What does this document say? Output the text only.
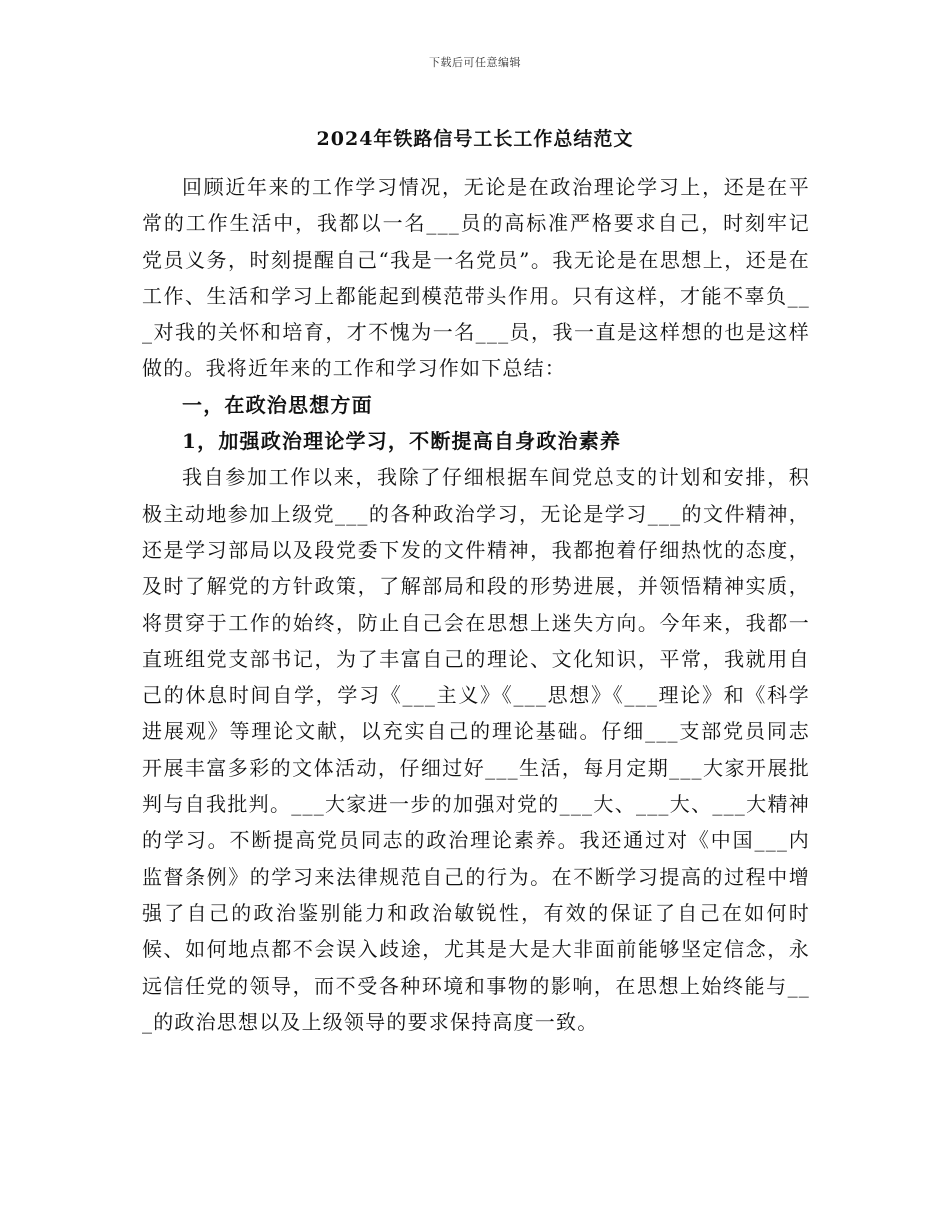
下载后可任意编辑
2024年铁路信号工长工作总结范文

回顾近年来的工作学习情况，无论是在政治理论学习上，还是在平常的工作生活中，我都以一名___员的高标准严格要求自己，时刻牢记党员义务，时刻提醒自己“我是一名党员”。我无论是在思想上，还是在工作、生活和学习上都能起到模范带头作用。只有这样，才能不辜负___对我的关怀和培育，才不愧为一名___员，我一直是这样想的也是这样做的。我将近年来的工作和学习作如下总结：

一，在政治思想方面

1，加强政治理论学习，不断提高自身政治素养

我自参加工作以来，我除了仔细根据车间党总支的计划和安排，积极主动地参加上级党___的各种政治学习，无论是学习___的文件精神，还是学习部局以及段党委下发的文件精神，我都抱着仔细热忱的态度，及时了解党的方针政策，了解部局和段的形势进展，并领悟精神实质，将贯穿于工作的始终，防止自己会在思想上迷失方向。今年来，我都一直班组党支部书记，为了丰富自己的理论、文化知识，平常，我就用自己的休息时间自学，学习《___主义》《___思想》《___理论》和《科学进展观》等理论文献，以充实自己的理论基础。仔细___支部党员同志开展丰富多彩的文体活动，仔细过好___生活，每月定期___大家开展批判与自我批判。___大家进一步的加强对党的___大、___大、___大精神的学习。不断提高党员同志的政治理论素养。我还通过对《中国___内监督条例》的学习来法律规范自己的行为。在不断学习提高的过程中增强了自己的政治鉴别能力和政治敏锐性，有效的保证了自己在如何时候、如何地点都不会误入歧途，尤其是大是大非面前能够坚定信念，永远信任党的领导，而不受各种环境和事物的影响，在思想上始终能与___的政治思想以及上级领导的要求保持高度一致。
